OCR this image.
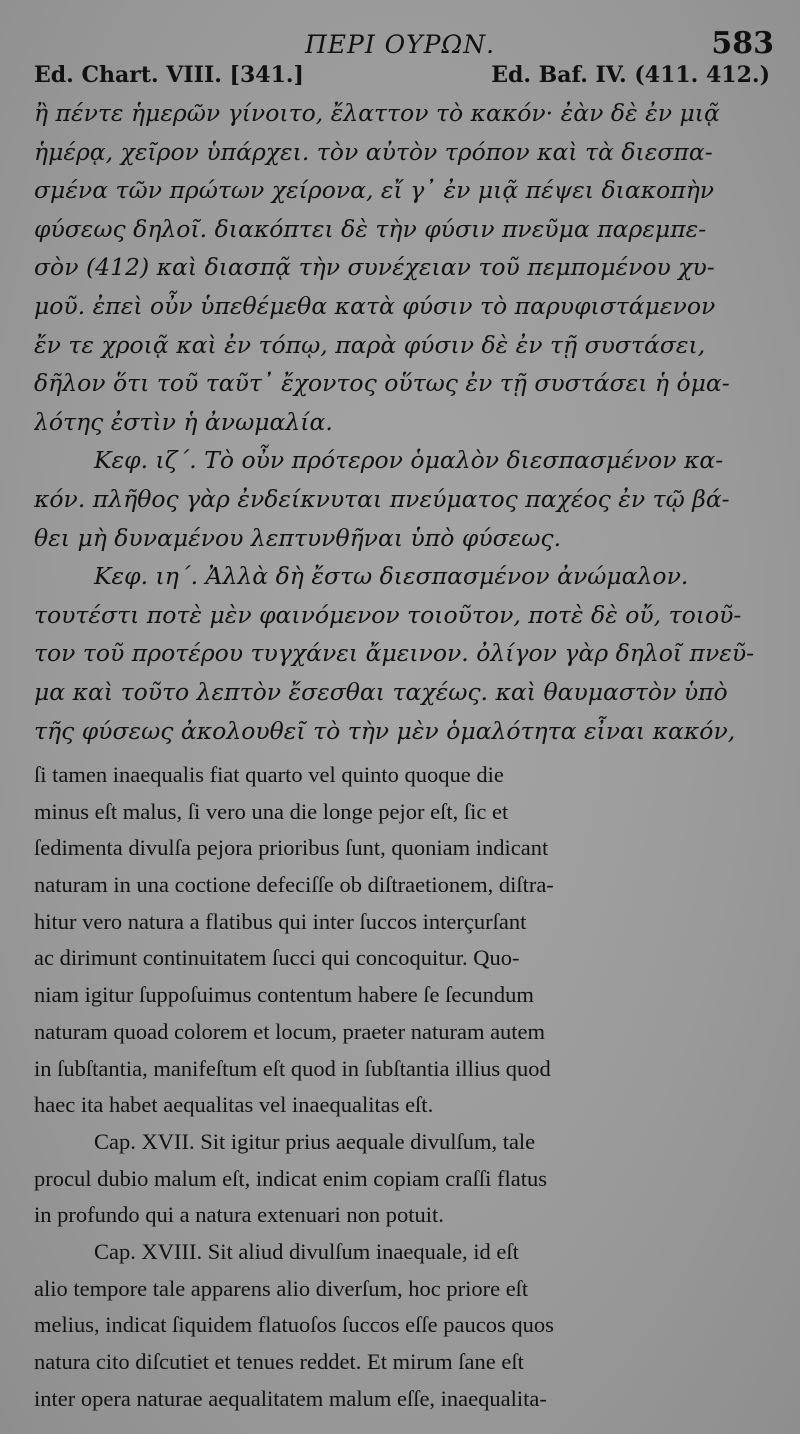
ΠΕΡΙ ΟΥΡΩΝ.	583
Ed. Chart. VIII. [341.]	Ed. Baf. IV. (411. 412.)
ἢ πέντε ἡμερῶν γίνοιτο, ἔλαττον τὸ κακόν· ἐὰν δὲ ἐν μιᾷ
ἡμέρᾳ, χεῖρον ὑπάρχει. τὸν αὐτὸν τρόπον καὶ τὰ διεσπα-
σμένα τῶν πρώτων χείρονα, εἴ γ᾽ ἐν μιᾷ πέψει διακοπὴν
φύσεως δηλοῖ. διακόπτει δὲ τὴν φύσιν πνεῦμα παρεμπε-
σὸν (412) καὶ διασπᾷ τὴν συνέχειαν τοῦ πεμπομένου χυ-
μοῦ. ἐπεὶ οὖν ὑπεθέμεθα κατὰ φύσιν τὸ παρυφιστάμενον
ἔν τε χροιᾷ καὶ ἐν τόπῳ, παρὰ φύσιν δὲ ἐν τῇ συστάσει,
δῆλον ὅτι τοῦ ταῦτ᾽ ἔχοντος οὕτως ἐν τῇ συστάσει ἡ ὁμα-
λότης ἐστὶν ἡ ἀνωμαλία.
Κεφ. ιζ΄. Τὸ οὖν πρότερον ὁμαλὸν διεσπασμένον κα-
κόν. πλῆθος γὰρ ἐνδείκνυται πνεύματος παχέος ἐν τῷ βά-
θει μὴ δυναμένου λεπτυνθῆναι ὑπὸ φύσεως.
Κεφ. ιη΄. Ἀλλὰ δὴ ἔστω διεσπασμένον ἀνώμαλον.
τουτέστι ποτὲ μὲν φαινόμενον τοιοῦτον, ποτὲ δὲ οὔ, τοιοῦ-
τον τοῦ προτέρου τυγχάνει ἄμεινον. ὀλίγον γὰρ δηλοῖ πνεῦ-
μα καὶ τοῦτο λεπτὸν ἔσεσθαι ταχέως. καὶ θαυμαστὸν ὑπὸ
τῆς φύσεως ἀκολουθεῖ τὸ τὴν μὲν ὁμαλότητα εἶναι κακόν,
ſi tamen inaequalis fiat quarto vel quinto quoque die
minus eſt malus, ſi vero una die longe pejor eſt, ſic et
ſedimenta divulſa pejora prioribus ſunt, quoniam indicant
naturam in una coctione defeciſſe ob diſtraetionem, diſtra-
hitur vero natura a flatibus qui inter ſuccos interçurſant
ac dirimunt continuitatem ſucci qui concoquitur. Quo-
niam igitur ſuppoſuimus contentum habere ſe ſecundum
naturam quoad colorem et locum, praeter naturam autem
in ſubſtantia, manifeſtum eſt quod in ſubſtantia illius quod
haec ita habet aequalitas vel inaequalitas eſt.
Cap. XVII. Sit igitur prius aequale divulſum, tale
procul dubio malum eſt, indicat enim copiam craſſi flatus
in profundo qui a natura extenuari non potuit.
Cap. XVIII. Sit aliud divulſum inaequale, id eſt
alio tempore tale apparens alio diverſum, hoc priore eſt
melius, indicat ſiquidem flatuoſos ſuccos eſſe paucos quos
natura cito diſcutiet et tenues reddet. Et mirum ſane eſt
inter opera naturae aequalitatem malum eſſe, inaequalita-
